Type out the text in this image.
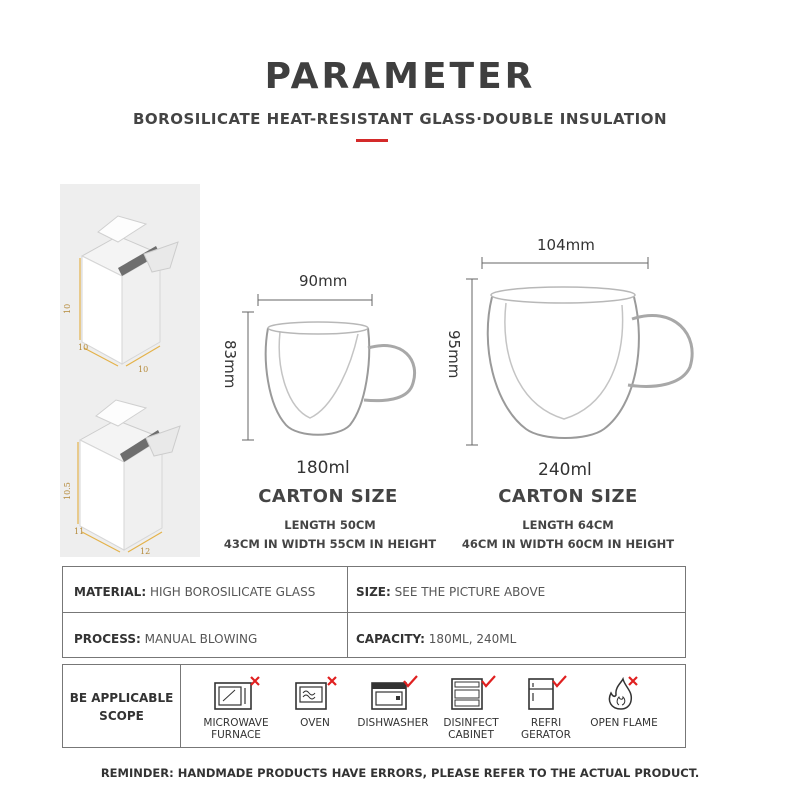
PARAMETER
BOROSILICATE HEAT-RESISTANT GLASS·DOUBLE INSULATION
10
10
10
10.5
11
12
90mm
83mm
180ml
CARTON SIZE
LENGTH 50CM
43CM IN WIDTH 55CM IN HEIGHT
104mm
95mm
240ml
CARTON SIZE
LENGTH 64CM
46CM IN WIDTH 60CM IN HEIGHT
MATERIAL: HIGH BOROSILICATE GLASS	SIZE: SEE THE PICTURE ABOVE
PROCESS: MANUAL BLOWING	CAPACITY: 180ML, 240ML
BE APPLICABLE
SCOPE	MICROWAVE
FURNACE
OVEN	DISHWASHER	DISINFECT
CABINET
REFRI
GERATOR
OPEN FLAME
REMINDER: HANDMADE PRODUCTS HAVE ERRORS, PLEASE REFER TO THE ACTUAL PRODUCT.
